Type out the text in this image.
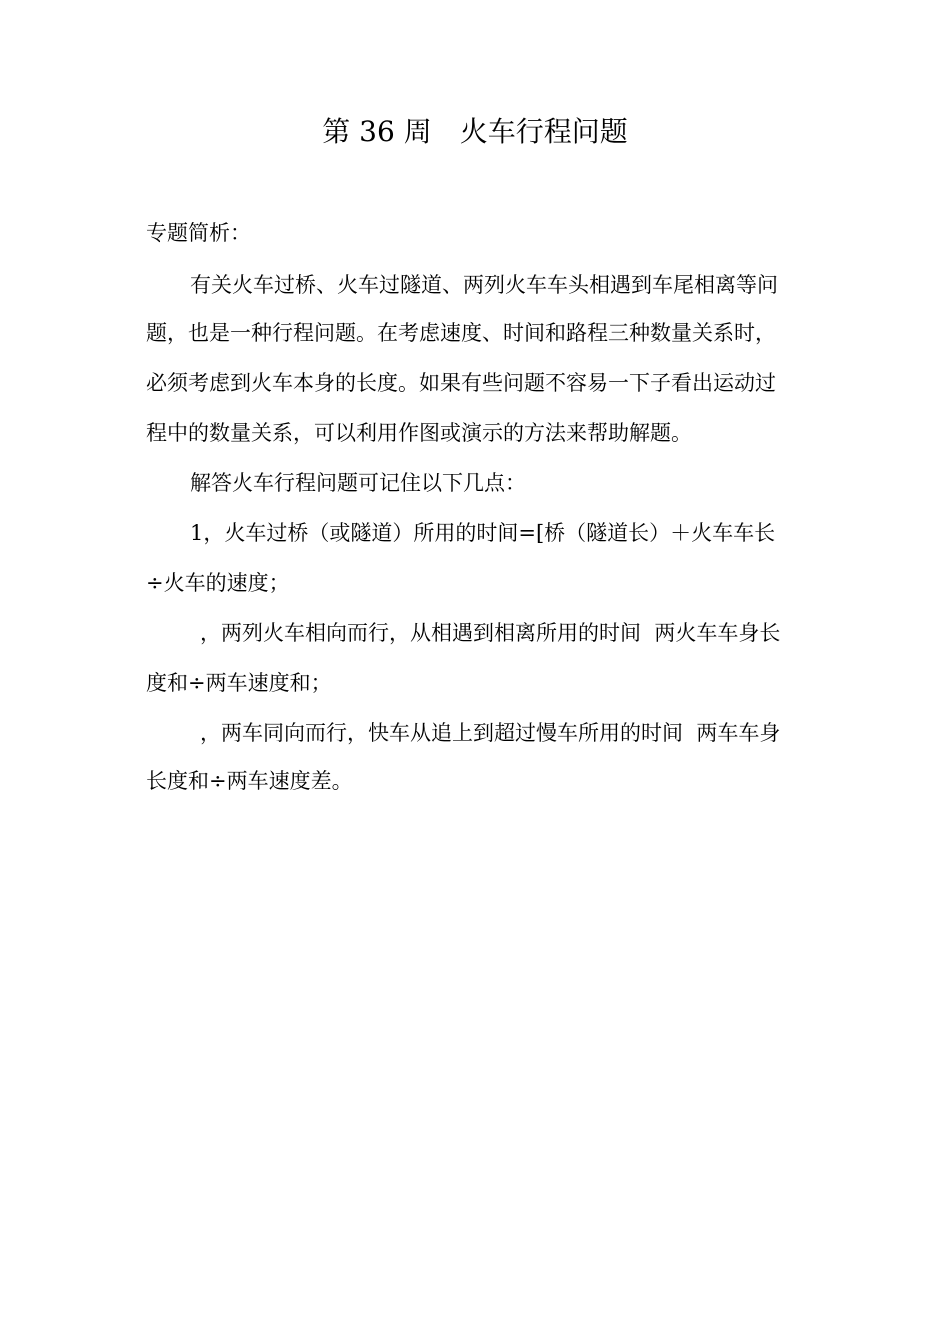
第 36 周　火车行程问题
专题简析：
有关火车过桥、火车过隧道、两列火车车头相遇到车尾相离等问
题，也是一种行程问题。在考虑速度、时间和路程三种数量关系时，
必须考虑到火车本身的长度。如果有些问题不容易一下子看出运动过
程中的数量关系，可以利用作图或演示的方法来帮助解题。
解答火车行程问题可记住以下几点：
1，火车过桥（或隧道）所用的时间=[桥（隧道长）＋火车车长
÷火车的速度；
，两列火车相向而行，从相遇到相离所用的时间  两火车车身长
度和÷两车速度和；
，两车同向而行，快车从追上到超过慢车所用的时间  两车车身
长度和÷两车速度差。
